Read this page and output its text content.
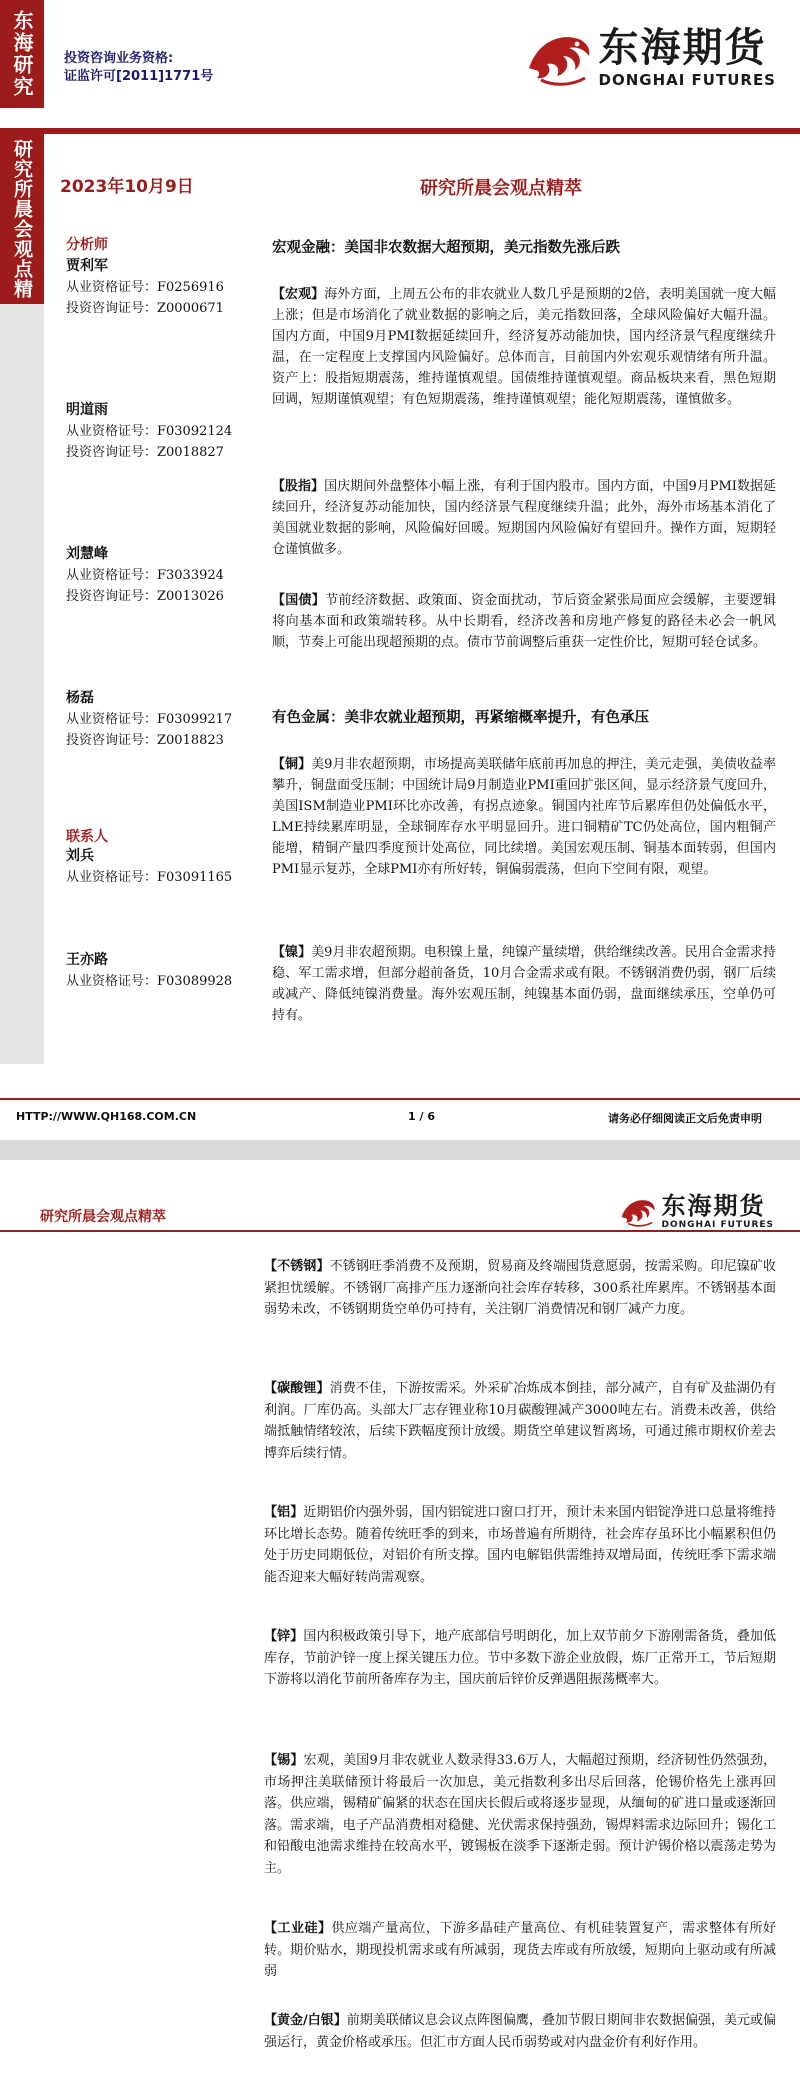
东海研究	投资咨询业务资格:
证监许可[2011]1771号
东海期货
DONGHAI FUTURES
研究所晨会观点精
2023年10月9日	研究所晨会观点精萃
分析师
贾利军
从业资格证号：F0256916
投资咨询证号：Z0000671
明道雨
从业资格证号：F03092124
投资咨询证号：Z0018827
刘慧峰
从业资格证号：F3033924
投资咨询证号：Z0013026
杨磊
从业资格证号：F03099217
投资咨询证号：Z0018823
联系人
刘兵
从业资格证号：F03091165
王亦路
从业资格证号：F03089928
宏观金融：美国非农数据大超预期，美元指数先涨后跌
【宏观】海外方面，上周五公布的非农就业人数几乎是预期的2倍，表明美国就一度大幅上涨；但是市场消化了就业数据的影响之后，美元指数回落，全球风险偏好大幅升温。国内方面，中国9月PMI数据延续回升，经济复苏动能加快，国内经济景气程度继续升温，在一定程度上支撑国内风险偏好。总体而言，目前国内外宏观乐观情绪有所升温。资产上：股指短期震荡，维持谨慎观望。国债维持谨慎观望。商品板块来看，黑色短期回调，短期谨慎观望；有色短期震荡，维持谨慎观望；能化短期震荡，谨慎做多。
【股指】国庆期间外盘整体小幅上涨，有利于国内股市。国内方面，中国9月PMI数据延续回升，经济复苏动能加快，国内经济景气程度继续升温；此外，海外市场基本消化了美国就业数据的影响，风险偏好回暖。短期国内风险偏好有望回升。操作方面，短期轻仓谨慎做多。
【国债】节前经济数据、政策面、资金面扰动，节后资金紧张局面应会缓解，主要逻辑将向基本面和政策端转移。从中长期看，经济改善和房地产修复的路径未必会一帆风顺，节奏上可能出现超预期的点。债市节前调整后重获一定性价比，短期可轻仓试多。
有色金属：美非农就业超预期，再紧缩概率提升，有色承压
【铜】美9月非农超预期，市场提高美联储年底前再加息的押注，美元走强，美债收益率攀升，铜盘面受压制；中国统计局9月制造业PMI重回扩张区间，显示经济景气度回升，美国ISM制造业PMI环比亦改善，有拐点迹象。铜国内社库节后累库但仍处偏低水平，LME持续累库明显，全球铜库存水平明显回升。进口铜精矿TC仍处高位，国内粗铜产能增，精铜产量四季度预计处高位，同比续增。美国宏观压制、铜基本面转弱，但国内PMI显示复苏，全球PMI亦有所好转，铜偏弱震荡，但向下空间有限，观望。
【镍】美9月非农超预期。电积镍上量，纯镍产量续增，供给继续改善。民用合金需求持稳、军工需求增，但部分超前备货，10月合金需求或有限。不锈钢消费仍弱，钢厂后续或减产、降低纯镍消费量。海外宏观压制，纯镍基本面仍弱，盘面继续承压，空单仍可持有。
HTTP://WWW.QH168.COM.CN	1 / 6	请务必仔细阅读正文后免责申明
研究所晨会观点精萃	东海期货
DONGHAI FUTURES
【不锈钢】不锈钢旺季消费不及预期，贸易商及终端囤货意愿弱，按需采购。印尼镍矿收紧担忧缓解。不锈钢厂高排产压力逐渐向社会库存转移，300系社库累库。不锈钢基本面弱势未改，不锈钢期货空单仍可持有，关注钢厂消费情况和钢厂减产力度。
【碳酸锂】消费不佳，下游按需采。外采矿冶炼成本倒挂，部分减产，自有矿及盐湖仍有利润。厂库仍高。头部大厂志存锂业称10月碳酸锂减产3000吨左右。消费未改善，供给端抵触情绪较浓，后续下跌幅度预计放缓。期货空单建议暂离场，可通过熊市期权价差去博弈后续行情。
【铝】近期铝价内强外弱，国内铝锭进口窗口打开，预计未来国内铝锭净进口总量将维持环比增长态势。随着传统旺季的到来，市场普遍有所期待，社会库存虽环比小幅累积但仍处于历史同期低位，对铝价有所支撑。国内电解铝供需维持双增局面，传统旺季下需求端能否迎来大幅好转尚需观察。
【锌】国内积极政策引导下，地产底部信号明朗化，加上双节前夕下游刚需备货，叠加低库存，节前沪锌一度上探关键压力位。节中多数下游企业放假，炼厂正常开工，节后短期下游将以消化节前所备库存为主，国庆前后锌价反弹遇阻振荡概率大。
【锡】宏观，美国9月非农就业人数录得33.6万人，大幅超过预期，经济韧性仍然强劲，市场押注美联储预计将最后一次加息，美元指数利多出尽后回落，伦锡价格先上涨再回落。供应端，锡精矿偏紧的状态在国庆长假后或将逐步显现，从缅甸的矿进口量或逐渐回落。需求端，电子产品消费相对稳健、光伏需求保持强劲，锡焊料需求边际回升；锡化工和铅酸电池需求维持在较高水平，镀锡板在淡季下逐渐走弱。预计沪锡价格以震荡走势为主。
【工业硅】供应端产量高位，下游多晶硅产量高位、有机硅装置复产，需求整体有所好转。期价贴水，期现投机需求或有所减弱，现货去库或有所放缓，短期向上驱动或有所减弱
【黄金/白银】前期美联储议息会议点阵图偏鹰，叠加节假日期间非农数据偏强，美元或偏强运行，黄金价格或承压。但汇市方面人民币弱势或对内盘金价有利好作用。
